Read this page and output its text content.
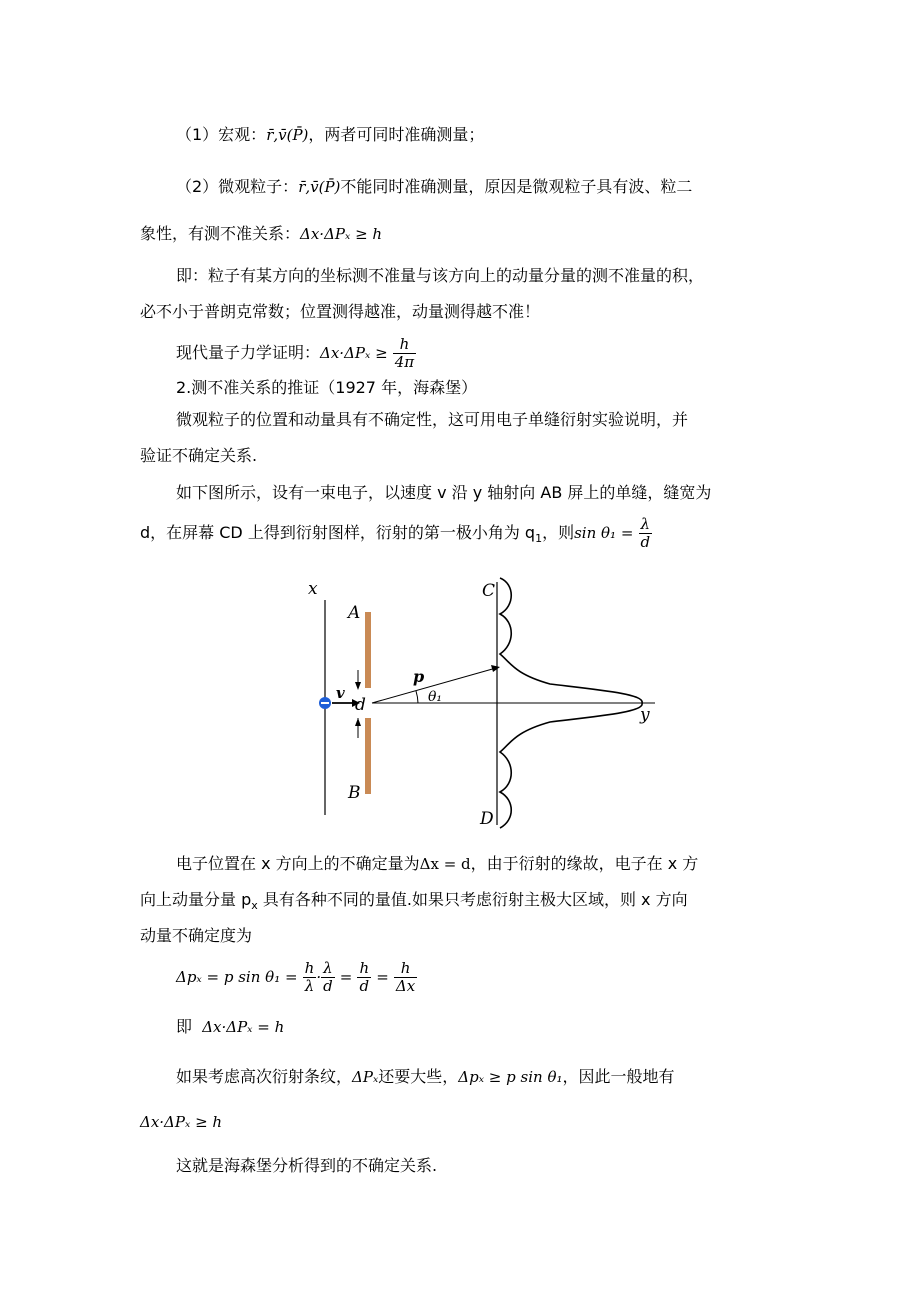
（1）宏观：r̄,v̄(P̄)，两者可同时准确测量；
（2）微观粒子：r̄,v̄(P̄)不能同时准确测量，原因是微观粒子具有波、粒二
象性，有测不准关系：Δx·ΔPₓ ≥ h
即：粒子有某方向的坐标测不准量与该方向上的动量分量的测不准量的积，
必不小于普朗克常数；位置测得越准，动量测得越不准！
现代量子力学证明：$\Delta x\cdot\Delta P_x \ge \frac{h}{4\pi}$
2.测不准关系的推证（1927 年，海森堡）
微观粒子的位置和动量具有不确定性，这可用电子单缝衍射实验说明，并
验证不确定关系.
如下图所示，设有一束电子，以速度 v 沿 y 轴射向 AB 屏上的单缝，缝宽为
d，在屏幕 CD 上得到衍射图样，衍射的第一极小角为 $q_1$，则$\sin \theta_1 = \frac{\lambda}{d}$
x
v
A
B
d	y
p
θ₁
C
D
电子位置在 x 方向上的不确定量为Δx = d，由于衍射的缘故，电子在 x 方
向上动量分量 $p_x$ 具有各种不同的量值.如果只考虑衍射主极大区域，则 x 方向
动量不确定度为
Δpₓ = p $\sin \theta_1 = \frac{h}{\lambda} \cdot \frac{\lambda}{d} = \frac{h}{d} = \frac{h}{\Delta x}$
即 Δx·ΔPₓ = h
如果考虑高次衍射条纹，ΔPₓ还要大些，Δpₓ ≥ p sin θ₁，因此一般地有
Δx·ΔPₓ ≥ h
这就是海森堡分析得到的不确定关系.
